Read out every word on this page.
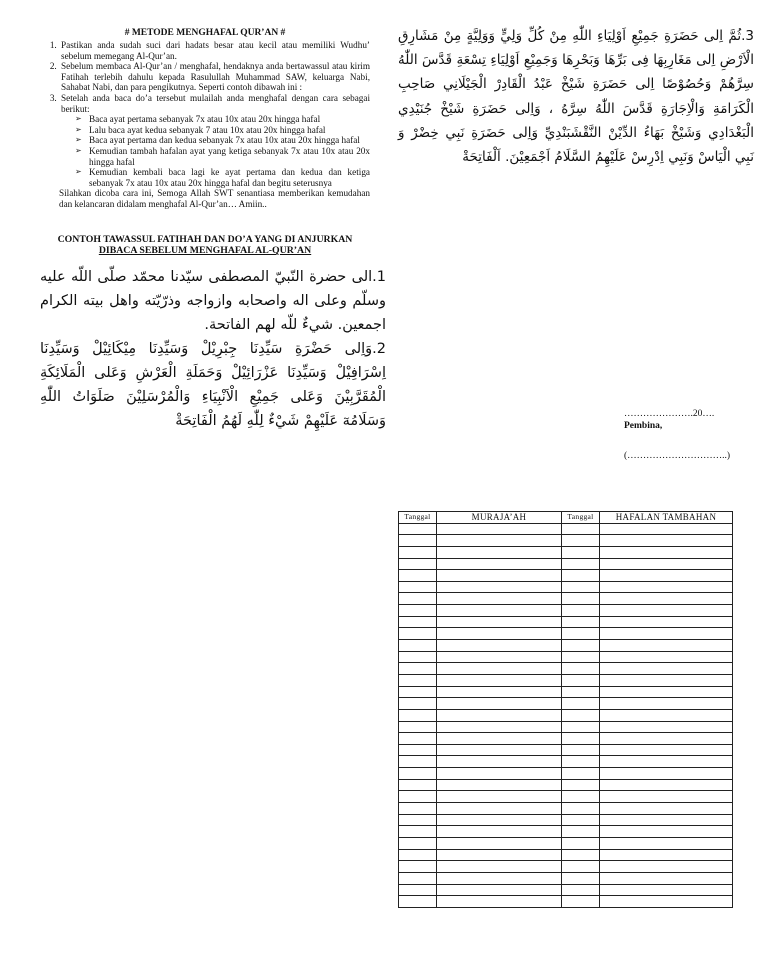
# METODE MENGHAFAL QUR’AN #
1. Pastikan anda sudah suci dari hadats besar atau kecil atau memiliki Wudhu’ sebelum memegang Al-Qur’an.
2. Sebelum membaca Al-Qur’an / menghafal, hendaknya anda bertawassul atau kirim Fatihah terlebih dahulu kepada Rasulullah Muhammad SAW, keluarga Nabi, Sahabat Nabi, dan para pengikutnya. Seperti contoh dibawah ini :
3. Setelah anda baca do’a tersebut mulailah anda menghafal dengan cara sebagai berikut:
➢ Baca ayat pertama sebanyak 7x atau 10x atau 20x hingga hafal
➢ Lalu baca ayat kedua sebanyak 7 atau 10x atau 20x hingga hafal
➢ Baca ayat pertama dan kedua sebanyak 7x atau 10x atau 20x hingga hafal
➢ Kemudian tambah hafalan ayat yang ketiga sebanyak 7x atau 10x atau 20x hingga hafal
➢ Kemudian kembali baca lagi ke ayat pertama dan kedua dan ketiga sebanyak 7x atau 10x atau 20x hingga hafal dan begitu seterusnya
Silahkan dicoba cara ini, Semoga Allah SWT senantiasa memberikan kemudahan dan kelancaran didalam menghafal Al-Qur’an… Amiin..
CONTOH TAWASSUL FATIHAH DAN DO’A YANG DI ANJURKAN
DIBACA SEBELUM MENGHAFAL AL-QUR’AN

1.الى حضرة النّبيّ المصطفى سيّدنا محمّد صلّى اللّه عليه وسلّم وعلى اله واصحابه وازواجه وذرّيّته واهل بيته الكرام اجمعين. شيءٌ للّه لهم الفاتحة.

2.وَاِلى حَضْرَةِ سَيِّدِنَا جِبْرِيْلْ وَسَيِّدِنَا مِيْكَائِيْلْ وَسَيِّدِنَا اِسْرَافِيْلْ وَسَيِّدِنَا عَزْرَائِيْلْ وَحَمَلَةِ الْعَرْشِ وَعَلى الْمَلَائِكَةِ الْمُقَرَّبِيْنَ وَعَلى جَمِيْعِ الْاَنْبِيَاءِ وَالْمُرْسَلِيْنَ صَلَوَاتُ اللّٰهِ وَسَلَامُهٓ عَلَيْهِمْ شَيْءٌ لِلّٰهِ لَهُمُ الْفَاتِحَةْ

3.ثُمَّ اِلى حَضَرَةِ جَمِيْعِ اَوْلِيَاءِ اللّٰهِ مِنْ كُلِّ وَلِيٍّ وَوَلِيَّةٍ مِنْ مَشَارِقِ الْاَرْضِ اِلى مَغَارِبِهَا فِى بَرِّهَا وَبَحْرِهَا وَجَمِيْعِ اَوْلِيَاءِ تِسْعَةِ قَدَّسَ اللّٰهُ سِرَّهُمْ وَحُصُوْصًا اِلى حَضَرَةِ شَيْخْ عَبْدُ الْقَادِرْ الْجَيْلَانِي صَاحِبِ الْكَرَامَةِ وَالْاِجَارَةِ قَدَّسَ اللّٰهُ سِرَّهُ ، وَاِلى حَضَرَةِ شَيْخْ جُنَيْدِي الْبَغْدَادِي وَشَيْخْ بَهَاءُ الدِّيْنْ النَّقْشَبَنْدِيِّ وَاِلى حَضَرَةِ نَبِي خِضْرْ وَ نَبِي الْيَاسْ وَنَبِي اِدْرِسْ عَلَيْهِمُ السَّلَامُ اَجْمَعِيْنَ. اَلْفَاتِحَةْ

………………….20….
Pembina,
(…………………………..)
Tanggal	MURAJA’AH	Tanggal	HAFALAN TAMBAHAN
